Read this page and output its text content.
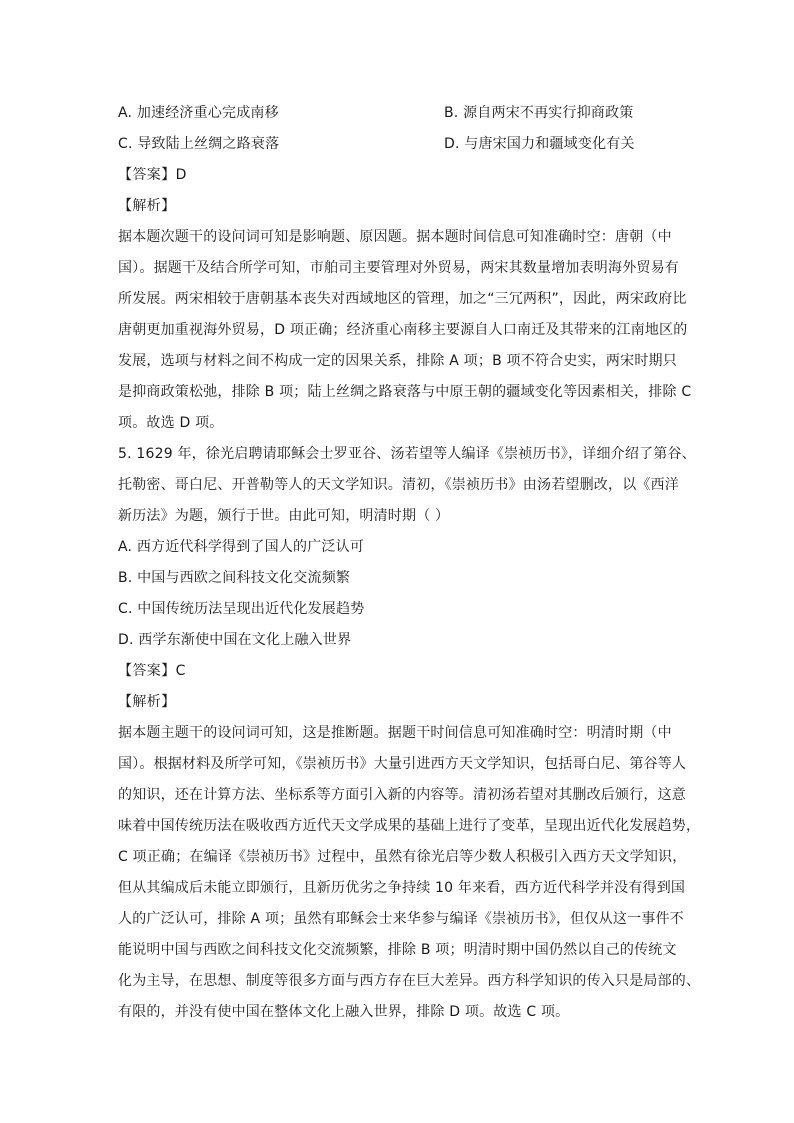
A. 加速经济重心完成南移	B. 源自两宋不再实行抑商政策
C. 导致陆上丝绸之路衰落	D. 与唐宋国力和疆域变化有关
【答案】D
【解析】
据本题次题干的设问词可知是影响题、原因题。据本题时间信息可知准确时空：唐朝（中
国）。据题干及结合所学可知，市舶司主要管理对外贸易，两宋其数量增加表明海外贸易有
所发展。两宋相较于唐朝基本丧失对西域地区的管理，加之“三冗两积”，因此，两宋政府比
唐朝更加重视海外贸易，D 项正确；经济重心南移主要源自人口南迁及其带来的江南地区的
发展，选项与材料之间不构成一定的因果关系，排除 A 项；B 项不符合史实，两宋时期只
是抑商政策松弛，排除 B 项；陆上丝绸之路衰落与中原王朝的疆域变化等因素相关，排除 C
项。故选 D 项。
5. 1629 年，徐光启聘请耶稣会士罗亚谷、汤若望等人编译《崇祯历书》，详细介绍了第谷、
托勒密、哥白尼、开普勒等人的天文学知识。清初，《崇祯历书》由汤若望删改，以《西洋
新历法》为题，颁行于世。由此可知，明清时期（ ）
A. 西方近代科学得到了国人的广泛认可
B. 中国与西欧之间科技文化交流频繁
C. 中国传统历法呈现出近代化发展趋势
D. 西学东渐使中国在文化上融入世界
【答案】C
【解析】
据本题主题干的设问词可知，这是推断题。据题干时间信息可知准确时空：明清时期（中
国）。根据材料及所学可知，《崇祯历书》大量引进西方天文学知识，包括哥白尼、第谷等人
的知识，还在计算方法、坐标系等方面引入新的内容等。清初汤若望对其删改后颁行，这意
味着中国传统历法在吸收西方近代天文学成果的基础上进行了变革，呈现出近代化发展趋势，
C 项正确；在编译《崇祯历书》过程中，虽然有徐光启等少数人积极引入西方天文学知识，
但从其编成后未能立即颁行，且新历优劣之争持续 10 年来看，西方近代科学并没有得到国
人的广泛认可，排除 A 项；虽然有耶稣会士来华参与编译《崇祯历书》，但仅从这一事件不
能说明中国与西欧之间科技文化交流频繁，排除 B 项；明清时期中国仍然以自己的传统文
化为主导，在思想、制度等很多方面与西方存在巨大差异。西方科学知识的传入只是局部的、
有限的，并没有使中国在整体文化上融入世界，排除 D 项。故选 C 项。
